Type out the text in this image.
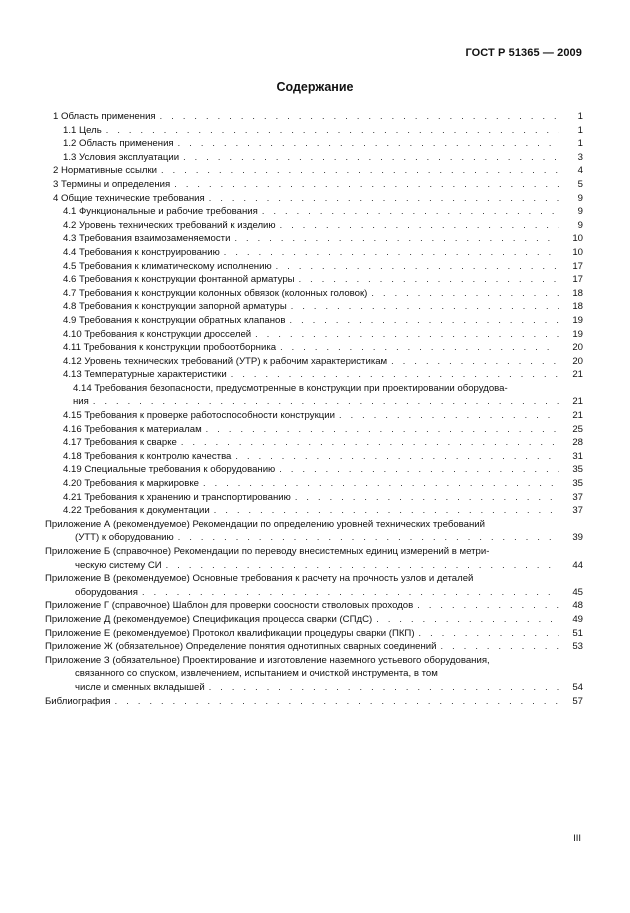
ГОСТ Р 51365 — 2009
Содержание
1 Область применения . . .	1
1.1 Цель . . .	1
1.2 Область применения . . .	1
1.3 Условия эксплуатации . . .	3
2 Нормативные ссылки . . .	4
3 Термины и определения . . .	5
4 Общие технические требования . . .	9
4.1 Функциональные и рабочие требования . . .	9
4.2 Уровень технических требований к изделию . . .	9
4.3 Требования взаимозаменяемости . . .	10
4.4 Требования к конструированию . . .	10
4.5 Требования к климатическому исполнению . . .	17
4.6 Требования к конструкции фонтанной арматуры . . .	17
4.7 Требования к конструкции колонных обвязок (колонных головок) . . .	18
4.8 Требования к конструкции запорной арматуры . . .	18
4.9 Требования к конструкции обратных клапанов . . .	19
4.10 Требования к конструкции дросселей . . .	19
4.11 Требования к конструкции пробоотборника . . .	20
4.12 Уровень технических требований (УТР) к рабочим характеристикам . . .	20
4.13 Температурные характеристики . . .	21
4.14 Требования безопасности, предусмотренные в конструкции при проектировании оборудова-
ния . . .	21
4.15 Требования к проверке работоспособности конструкции . . .	21
4.16 Требования к материалам . . .	25
4.17 Требования к сварке . . .	28
4.18 Требования к контролю качества . . .	31
4.19 Специальные требования к оборудованию . . .	35
4.20 Требования к маркировке . . .	35
4.21 Требования к хранению и транспортированию . . .	37
4.22 Требования к документации . . .	37
Приложение А (рекомендуемое) Рекомендации по определению уровней технических требований
(УТТ) к оборудованию . . .	39
Приложение Б (справочное) Рекомендации по переводу внесистемных единиц измерений в метри-
ческую систему СИ . . .	44
Приложение В (рекомендуемое) Основные требования к расчету на прочность узлов и деталей
оборудования . . .	45
Приложение Г (справочное) Шаблон для проверки соосности стволовых проходов . . .	48
Приложение Д (рекомендуемое) Спецификация процесса сварки (СПдС) . . .	49
Приложение Е (рекомендуемое) Протокол квалификации процедуры сварки (ПКП) . . .	51
Приложение Ж (обязательное) Определение понятия однотипных сварных соединений . . .	53
Приложение З (обязательное) Проектирование и изготовление наземного устьевого оборудования,
связанного со спуском, извлечением, испытанием и очисткой инструмента, в том
числе и сменных вкладышей . . .	54
Библиография . . .	57
III
